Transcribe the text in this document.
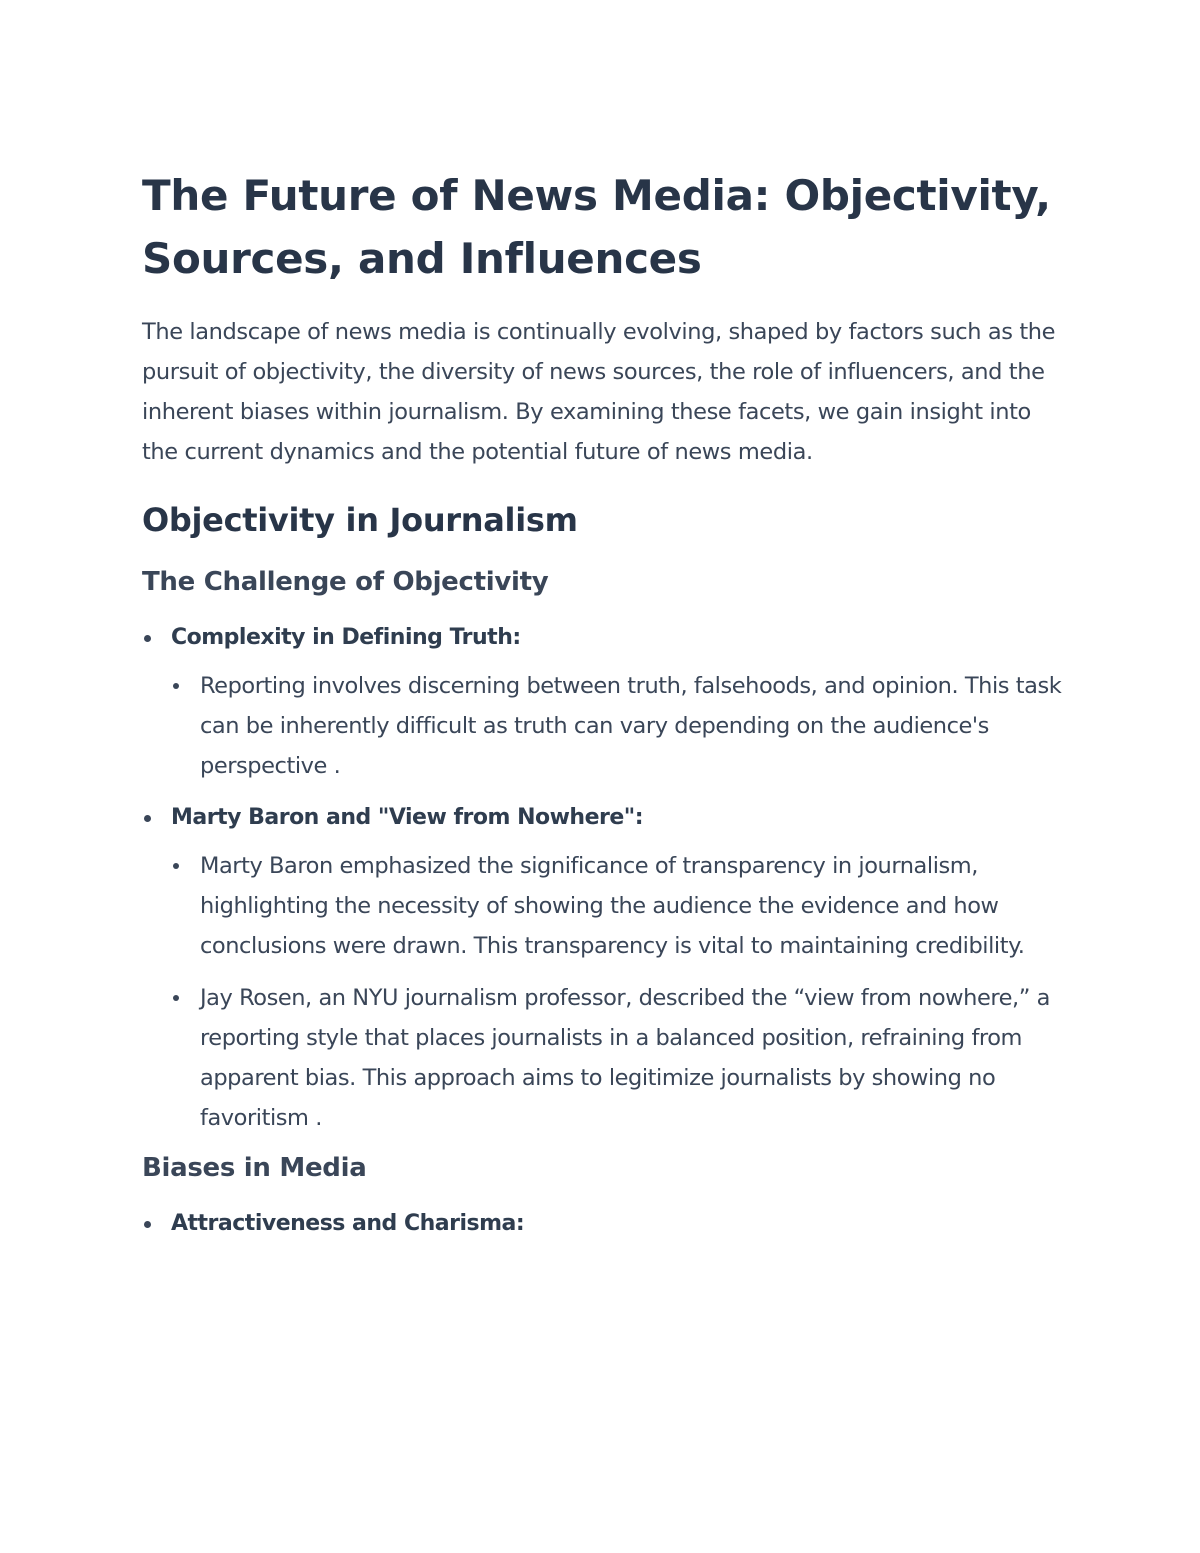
The Future of News Media: Objectivity, Sources, and Influences

The landscape of news media is continually evolving, shaped by factors such as the pursuit of objectivity, the diversity of news sources, the role of influencers, and the inherent biases within journalism. By examining these facets, we gain insight into the current dynamics and the potential future of news media.

Objectivity in Journalism
The Challenge of Objectivity
Complexity in Defining Truth:
Reporting involves discerning between truth, falsehoods, and opinion. This task can be inherently difficult as truth can vary depending on the audience's perspective .
Marty Baron and "View from Nowhere":
Marty Baron emphasized the significance of transparency in journalism, highlighting the necessity of showing the audience the evidence and how conclusions were drawn. This transparency is vital to maintaining credibility.
Jay Rosen, an NYU journalism professor, described the “view from nowhere,” a reporting style that places journalists in a balanced position, refraining from apparent bias. This approach aims to legitimize journalists by showing no favoritism .
Biases in Media
Attractiveness and Charisma:
